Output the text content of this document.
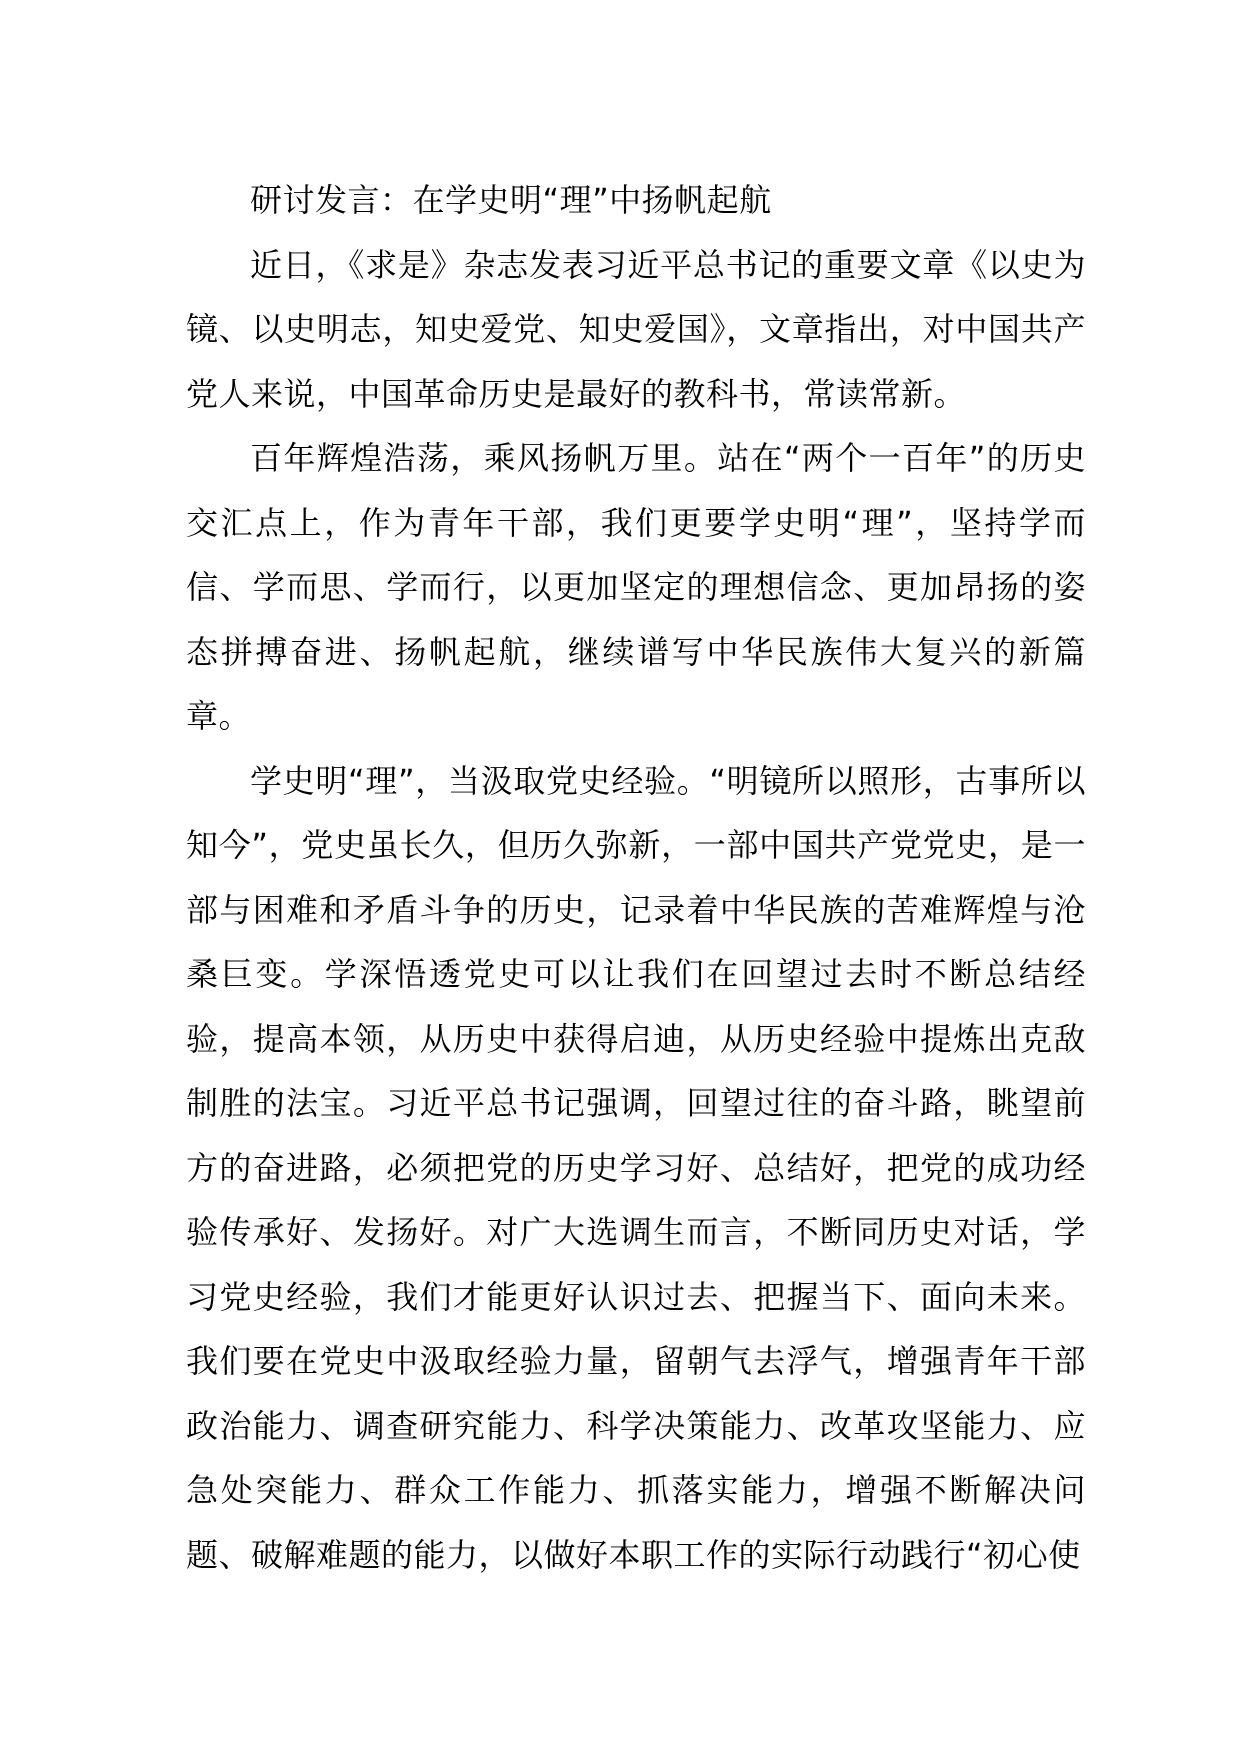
研讨发言：在学史明“理”中扬帆起航

近日，《求是》杂志发表习近平总书记的重要文章《以史为镜、以史明志，知史爱党、知史爱国》，文章指出，对中国共产党人来说，中国革命历史是最好的教科书，常读常新。

百年辉煌浩荡，乘风扬帆万里。站在“两个一百年”的历史交汇点上，作为青年干部，我们更要学史明“理”，坚持学而信、学而思、学而行，以更加坚定的理想信念、更加昂扬的姿态拼搏奋进、扬帆起航，继续谱写中华民族伟大复兴的新篇章。

学史明“理”，当汲取党史经验。“明镜所以照形，古事所以知今”，党史虽长久，但历久弥新，一部中国共产党党史，是一部与困难和矛盾斗争的历史，记录着中华民族的苦难辉煌与沧桑巨变。学深悟透党史可以让我们在回望过去时不断总结经验，提高本领，从历史中获得启迪，从历史经验中提炼出克敌制胜的法宝。习近平总书记强调，回望过往的奋斗路，眺望前方的奋进路，必须把党的历史学习好、总结好，把党的成功经验传承好、发扬好。对广大选调生而言，不断同历史对话，学习党史经验，我们才能更好认识过去、把握当下、面向未来。我们要在党史中汲取经验力量，留朝气去浮气，增强青年干部政治能力、调查研究能力、科学决策能力、改革攻坚能力、应急处突能力、群众工作能力、抓落实能力，增强不断解决问题、破解难题的能力，以做好本职工作的实际行动践行“初心使
